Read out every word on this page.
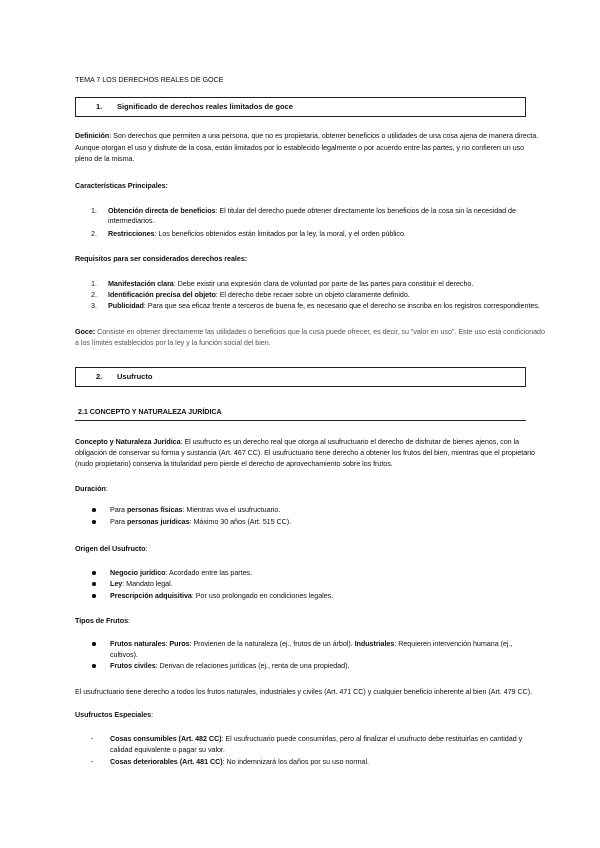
TEMA 7 LOS DERECHOS REALES DE GOCE
1. Significado de derechos reales limitados de goce
Definición: Son derechos que permiten a una persona, que no es propietaria, obtener beneficios o utilidades de una cosa ajena de manera directa.
Aunque otorgan el uso y disfrute de la cosa, están limitados por lo establecido legalmente o por acuerdo entre las partes, y no confieren un uso
pleno de la misma.
Características Principales:
1. Obtención directa de beneficios: El titular del derecho puede obtener directamente los beneficios de la cosa sin la necesidad de
intermediarios.
2. Restricciones: Los beneficios obtenidos están limitados por la ley, la moral, y el orden público.
Requisitos para ser considerados derechos reales:
1. Manifestación clara: Debe existir una expresión clara de voluntad por parte de las partes para constituir el derecho.
2. Identificación precisa del objeto: El derecho debe recaer sobre un objeto claramente definido.
3. Publicidad: Para que sea eficaz frente a terceros de buena fe, es necesario que el derecho se inscriba en los registros correspondientes.
Goce: Consiste en obtener directamente las utilidades o beneficios que la cosa puede ofrecer, es decir, su "valor en uso". Este uso está condicionado
a los límites establecidos por la ley y la función social del bien.
2. Usufructo
2.1 CONCEPTO Y NATURALEZA JURÍDICA
Concepto y Naturaleza Jurídica: El usufructo es un derecho real que otorga al usufructuario el derecho de disfrutar de bienes ajenos, con la
obligación de conservar su forma y sustancia (Art. 467 CC). El usufructuario tiene derecho a obtener los frutos del bien, mientras que el propietario
(nudo propietario) conserva la titularidad pero pierde el derecho de aprovechamiento sobre los frutos.
Duración:
Para personas físicas: Mientras viva el usufructuario.
Para personas jurídicas: Máximo 30 años (Art. 515 CC).
Origen del Usufructo:
Negocio jurídico: Acordado entre las partes.
Ley: Mandato legal.
Prescripción adquisitiva: Por uso prolongado en condiciones legales.
Tipos de Frutos:
Frutos naturales: Puros: Provienen de la naturaleza (ej., frutos de un árbol). Industriales: Requieren intervención humana (ej.,
cultivos).
Frutos civiles: Derivan de relaciones jurídicas (ej., renta de una propiedad).
El usufructuario tiene derecho a todos los frutos naturales, industriales y civiles (Art. 471 CC) y cualquier beneficio inherente al bien (Art. 479 CC).
Usufructos Especiales:
- Cosas consumibles (Art. 482 CC): El usufructuario puede consumirlas, pero al finalizar el usufructo debe restituirlas en cantidad y
calidad equivalente o pagar su valor.
- Cosas deteriorables (Art. 481 CC): No indemnizará los daños por su uso normal.
